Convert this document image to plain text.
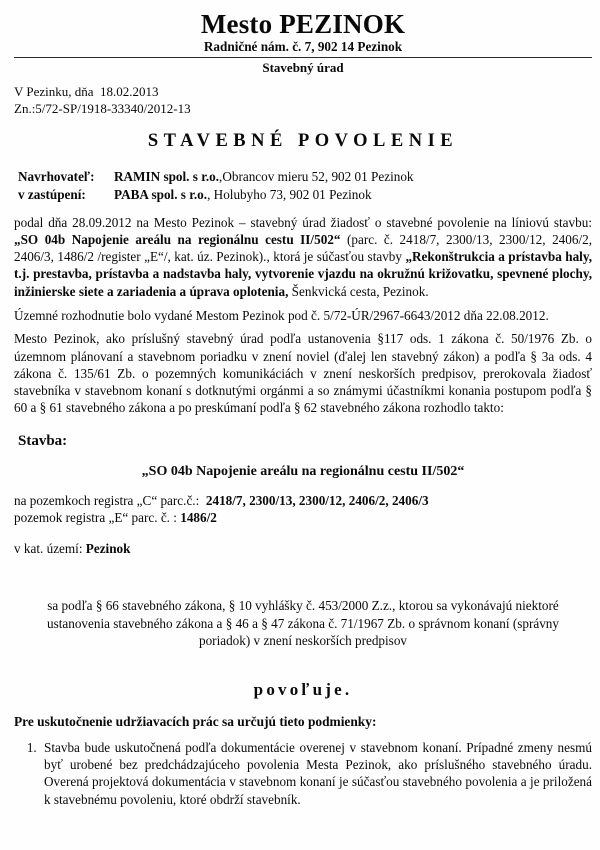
Mesto PEZINOK
Radničné nám. č. 7, 902 14 Pezinok
Stavebný úrad
V Pezinku, dňa  18.02.2013
Zn.:5/72-SP/1918-33340/2012-13
STAVEBNÉ POVOLENIE
Navrhovateľ:	RAMIN spol. s r.o.,Obrancov mieru 52, 902 01 Pezinok
v zastúpení:	PABA spol. s r.o., Holubyho 73, 902 01 Pezinok

podal dňa 28.09.2012 na Mesto Pezinok – stavebný úrad žiadosť o stavebné povolenie na líniovú stavbu: „SO 04b Napojenie areálu na regionálnu cestu II/502“ (parc. č. 2418/7, 2300/13, 2300/12, 2406/2, 2406/3, 1486/2 /register „E“/, kat. úz. Pezinok)., ktorá je súčasťou stavby „Rekonštrukcia a prístavba haly, t.j. prestavba, prístavba a nadstavba haly, vytvorenie vjazdu na okružnú križovatku, spevnené plochy, inžinierske siete a zariadenia a úprava oplotenia, Šenkvická cesta, Pezinok.

Územné rozhodnutie bolo vydané Mestom Pezinok pod č. 5/72-ÚR/2967-6643/2012 dňa 22.08.2012.

Mesto Pezinok, ako príslušný stavebný úrad podľa ustanovenia §117 ods. 1 zákona č. 50/1976 Zb. o územnom plánovaní a stavebnom poriadku v znení noviel (ďalej len stavebný zákon) a podľa § 3a ods. 4 zákona č. 135/61 Zb. o pozemných komunikáciách v znení neskorších predpisov, prerokovala žiadosť stavebníka v stavebnom konaní s dotknutými orgánmi a so známymi účastníkmi konania postupom podľa § 60 a § 61 stavebného zákona a po preskúmaní podľa § 62 stavebného zákona rozhodlo takto:

Stavba:
„SO 04b Napojenie areálu na regionálnu cestu II/502“
na pozemkoch registra „C“ parc.č.: 2418/7, 2300/13, 2300/12, 2406/2, 2406/3
pozemok registra „E“ parc. č. : 1486/2
v kat. území: Pezinok
sa podľa § 66 stavebného zákona, § 10 vyhlášky č. 453/2000 Z.z., ktorou sa vykonávajú niektoré ustanovenia stavebného zákona a § 46 a § 47 zákona č. 71/1967 Zb. o správnom konaní (správny poriadok) v znení neskorších predpisov
povoľuje.
Pre uskutočnenie udržiavacích prác sa určujú tieto podmienky:
1. Stavba bude uskutočnená podľa dokumentácie overenej v stavebnom konaní. Prípadné zmeny nesmú byť urobené bez predchádzajúceho povolenia Mesta Pezinok, ako príslušného stavebného úradu. Overená projektová dokumentácia v stavebnom konaní je súčasťou stavebného povolenia a je priložená k stavebnému povoleniu, ktoré obdrží stavebník.
